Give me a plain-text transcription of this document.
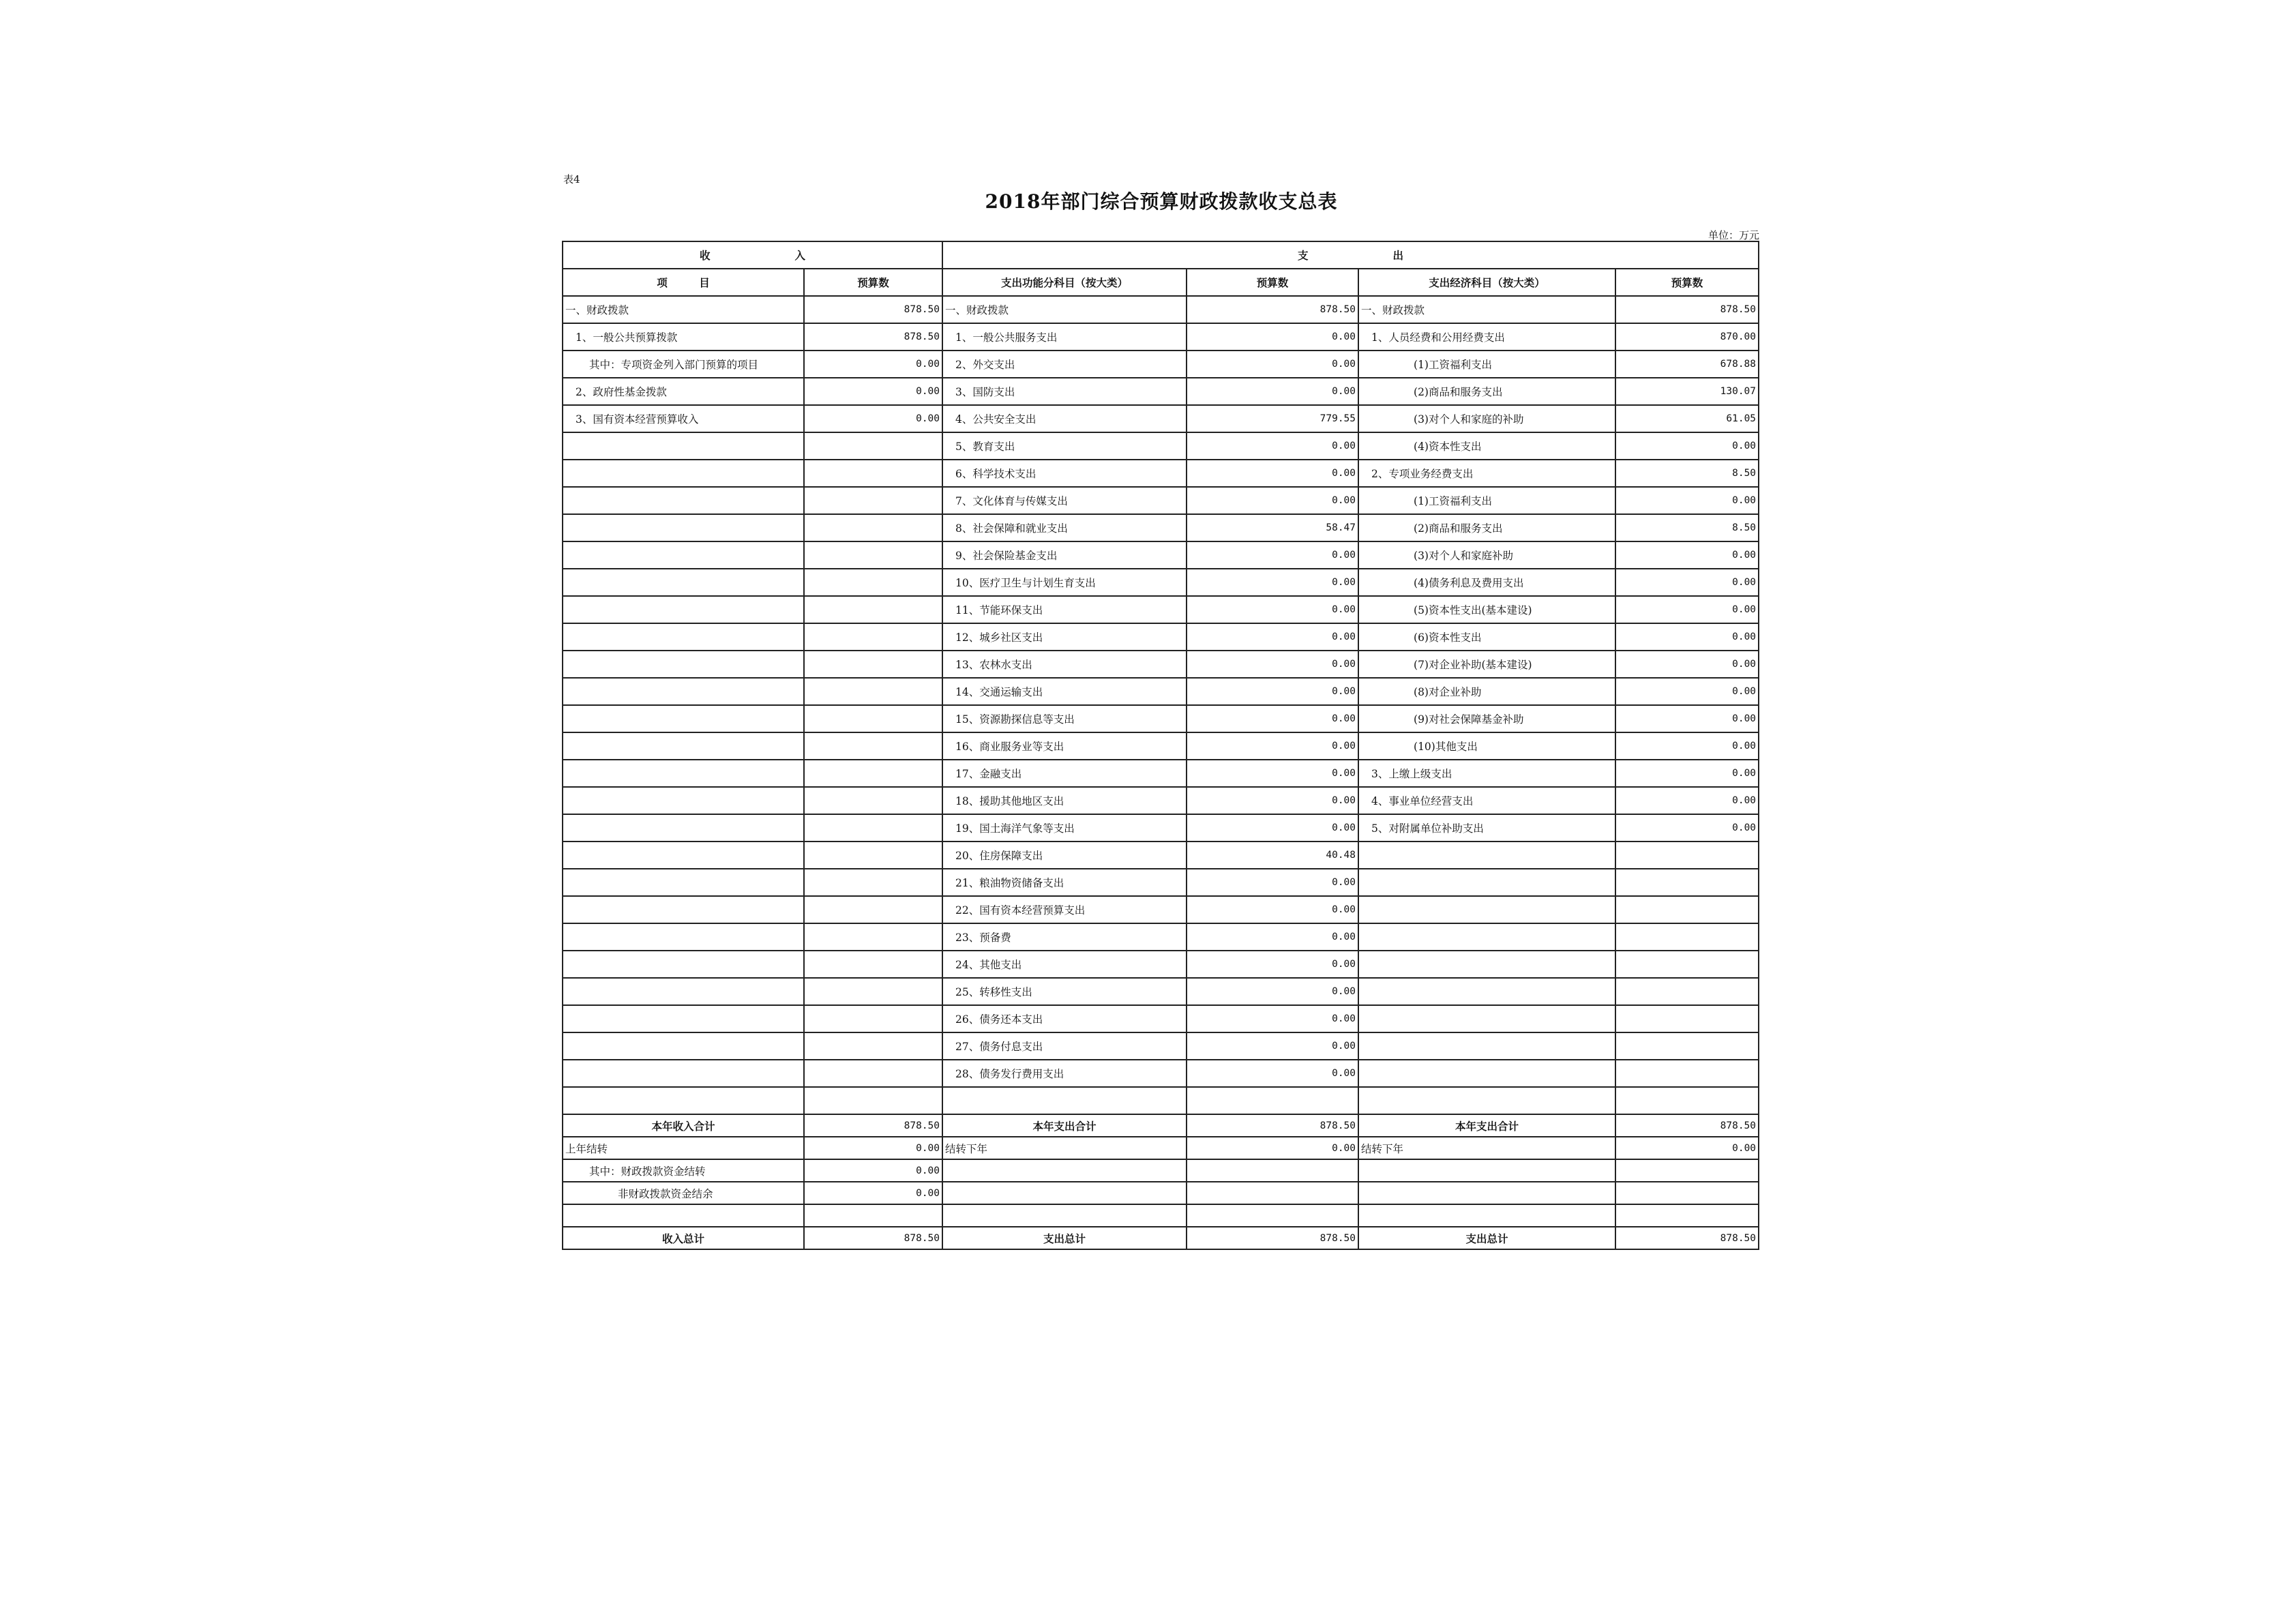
表4
2018年部门综合预算财政拨款收支总表
单位：万元
收　　　　　　　　入		支　　　　　　　　出			
项　　　目	预算数	支出功能分科目（按大类）	预算数	支出经济科目（按大类）	预算数
一、财政拨款	878.50	一、财政拨款	878.50	一、财政拨款	878.50
1、一般公共预算拨款	878.50	1、一般公共服务支出	0.00	1、人员经费和公用经费支出	870.00
其中：专项资金列入部门预算的项目	0.00	2、外交支出	0.00	(1)工资福利支出	678.88
2、政府性基金拨款	0.00	3、国防支出	0.00	(2)商品和服务支出	130.07
3、国有资本经营预算收入	0.00	4、公共安全支出	779.55	(3)对个人和家庭的补助	61.05
		5、教育支出	0.00	(4)资本性支出	0.00
		6、科学技术支出	0.00	2、专项业务经费支出	8.50
		7、文化体育与传媒支出	0.00	(1)工资福利支出	0.00
		8、社会保障和就业支出	58.47	(2)商品和服务支出	8.50
		9、社会保险基金支出	0.00	(3)对个人和家庭补助	0.00
		10、医疗卫生与计划生育支出	0.00	(4)债务利息及费用支出	0.00
		11、节能环保支出	0.00	(5)资本性支出(基本建设)	0.00
		12、城乡社区支出	0.00	(6)资本性支出	0.00
		13、农林水支出	0.00	(7)对企业补助(基本建设)	0.00
		14、交通运输支出	0.00	(8)对企业补助	0.00
		15、资源勘探信息等支出	0.00	(9)对社会保障基金补助	0.00
		16、商业服务业等支出	0.00	(10)其他支出	0.00
		17、金融支出	0.00	3、上缴上级支出	0.00
		18、援助其他地区支出	0.00	4、事业单位经营支出	0.00
		19、国土海洋气象等支出	0.00	5、对附属单位补助支出	0.00
		20、住房保障支出	40.48		
		21、粮油物资储备支出	0.00		
		22、国有资本经营预算支出	0.00		
		23、预备费	0.00		
		24、其他支出	0.00		
		25、转移性支出	0.00		
		26、债务还本支出	0.00		
		27、债务付息支出	0.00		
		28、债务发行费用支出	0.00		

本年收入合计	878.50	本年支出合计	878.50	本年支出合计	878.50
上年结转	0.00	结转下年	0.00	结转下年	0.00
其中：财政拨款资金结转	0.00				
非财政拨款资金结余	0.00				

收入总计	878.50	支出总计	878.50	支出总计	878.50
